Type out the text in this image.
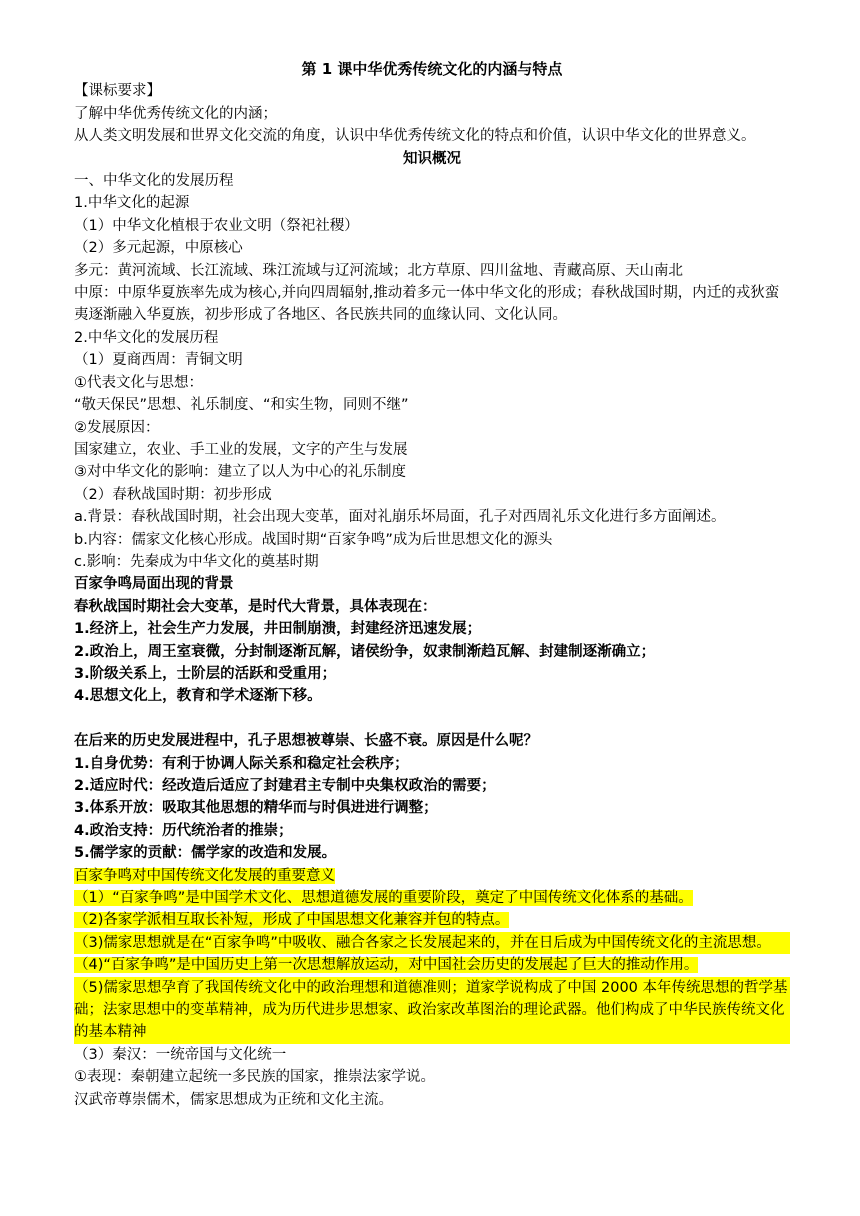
第 1 课中华优秀传统文化的内涵与特点
【课标要求】
了解中华优秀传统文化的内涵；
从人类文明发展和世界文化交流的角度，认识中华优秀传统文化的特点和价值，认识中华文化的世界意义。
知识概况
一、中华文化的发展历程
1.中华文化的起源
（1）中华文化植根于农业文明（祭祀社稷）
（2）多元起源，中原核心
多元：黄河流域、长江流域、珠江流域与辽河流域；北方草原、四川盆地、青藏高原、天山南北
中原：中原华夏族率先成为核心,并向四周辐射,推动着多元一体中华文化的形成；春秋战国时期，内迁的戎狄蛮夷逐渐融入华夏族，初步形成了各地区、各民族共同的血缘认同、文化认同。
2.中华文化的发展历程
（1）夏商西周：青铜文明
①代表文化与思想：
“敬天保民”思想、礼乐制度、“和实生物，同则不继”
②发展原因：
国家建立，农业、手工业的发展，文字的产生与发展
③对中华文化的影响：建立了以人为中心的礼乐制度
（2）春秋战国时期：初步形成
a.背景：春秋战国时期，社会出现大变革，面对礼崩乐坏局面，孔子对西周礼乐文化进行多方面阐述。
b.内容：儒家文化核心形成。战国时期“百家争鸣”成为后世思想文化的源头
c.影响：先秦成为中华文化的奠基时期
百家争鸣局面出现的背景
春秋战国时期社会大变革，是时代大背景，具体表现在：
1.经济上，社会生产力发展，井田制崩溃，封建经济迅速发展；
2.政治上，周王室衰微，分封制逐渐瓦解，诸侯纷争，奴隶制渐趋瓦解、封建制逐渐确立；
3.阶级关系上，士阶层的活跃和受重用；
4.思想文化上，教育和学术逐渐下移。
在后来的历史发展进程中，孔子思想被尊崇、长盛不衰。原因是什么呢？
1.自身优势：有利于协调人际关系和稳定社会秩序；
2.适应时代：经改造后适应了封建君主专制中央集权政治的需要；
3.体系开放：吸取其他思想的精华而与时俱进进行调整；
4.政治支持：历代统治者的推崇；
5.儒学家的贡献：儒学家的改造和发展。
百家争鸣对中国传统文化发展的重要意义
（1）“百家争鸣”是中国学术文化、思想道德发展的重要阶段，奠定了中国传统文化体系的基础。
（2)各家学派相互取长补短，形成了中国思想文化兼容并包的特点。
（3)儒家思想就是在“百家争鸣”中吸收、融合各家之长发展起来的，并在日后成为中国传统文化的主流思想。
（4)“百家争鸣”是中国历史上第一次思想解放运动，对中国社会历史的发展起了巨大的推动作用。
（5)儒家思想孕育了我国传统文化中的政治理想和道德准则；道家学说构成了中国 2000 本年传统思想的哲学基础；法家思想中的变革精神，成为历代进步思想家、政治家改革图治的理论武器。他们构成了中华民族传统文化的基本精神
（3）秦汉：一统帝国与文化统一
①表现：秦朝建立起统一多民族的国家，推崇法家学说。
汉武帝尊崇儒术，儒家思想成为正统和文化主流。
